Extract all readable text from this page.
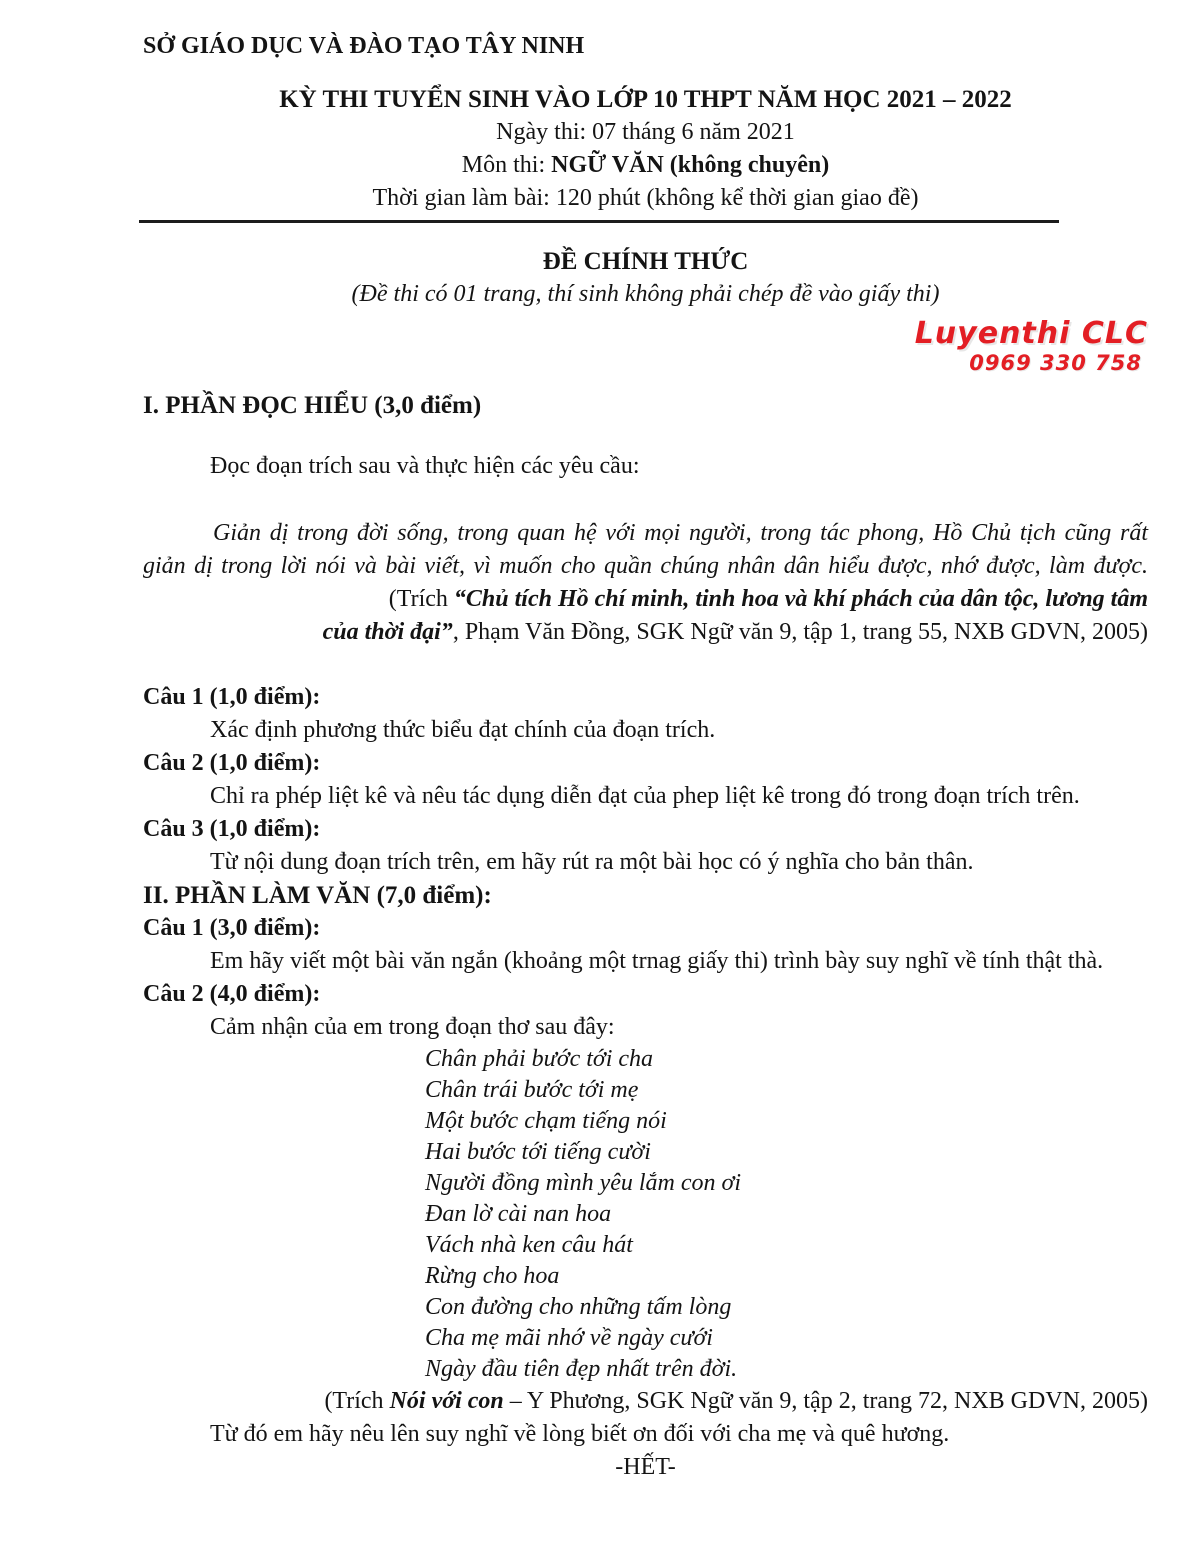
SỞ GIÁO DỤC VÀ ĐÀO TẠO TÂY NINH
KỲ THI TUYỂN SINH VÀO LỚP 10 THPT NĂM HỌC 2021 – 2022
Ngày thi: 07 tháng 6 năm 2021
Môn thi: NGỮ VĂN (không chuyên)
Thời gian làm bài: 120 phút (không kể thời gian giao đề)
ĐỀ CHÍNH THỨC
(Đề thi có 01 trang, thí sinh không phải chép đề vào giấy thi)
Luyenthi CLC
0969 330 758
I. PHẦN ĐỌC HIỂU (3,0 điểm)
Đọc đoạn trích sau và thực hiện các yêu cầu:
Giản dị trong đời sống, trong quan hệ với mọi người, trong tác phong, Hồ Chủ tịch cũng rất
giản dị trong lời nói và bài viết, vì muốn cho quần chúng nhân dân hiểu được, nhớ được, làm được.
(Trích “Chủ tích Hồ chí minh, tinh hoa và khí phách của dân tộc, lương tâm
của thời đại”, Phạm Văn Đồng, SGK Ngữ văn 9, tập 1, trang 55, NXB GDVN, 2005)
Câu 1 (1,0 điểm):
Xác định phương thức biểu đạt chính của đoạn trích.
Câu 2 (1,0 điểm):
Chỉ ra phép liệt kê và nêu tác dụng diễn đạt của phep liệt kê trong đó trong đoạn trích trên.
Câu 3 (1,0 điểm):
Từ nội dung đoạn trích trên, em hãy rút ra một bài học có ý nghĩa cho bản thân.
II. PHẦN LÀM VĂN (7,0 điểm):
Câu 1 (3,0 điểm):
Em hãy viết một bài văn ngắn (khoảng một trnag giấy thi) trình bày suy nghĩ về tính thật thà.
Câu 2 (4,0 điểm):
Cảm nhận của em trong đoạn thơ sau đây:
Chân phải bước tới cha
Chân trái bước tới mẹ
Một bước chạm tiếng nói
Hai bước tới tiếng cười
Người đồng mình yêu lắm con ơi
Đan lờ cài nan hoa
Vách nhà ken câu hát
Rừng cho hoa
Con đường cho những tấm lòng
Cha mẹ mãi nhớ về ngày cưới
Ngày đầu tiên đẹp nhất trên đời.
(Trích Nói với con – Y Phương, SGK Ngữ văn 9, tập 2, trang 72, NXB GDVN, 2005)
Từ đó em hãy nêu lên suy nghĩ về lòng biết ơn đối với cha mẹ và quê hương.
-HẾT-
